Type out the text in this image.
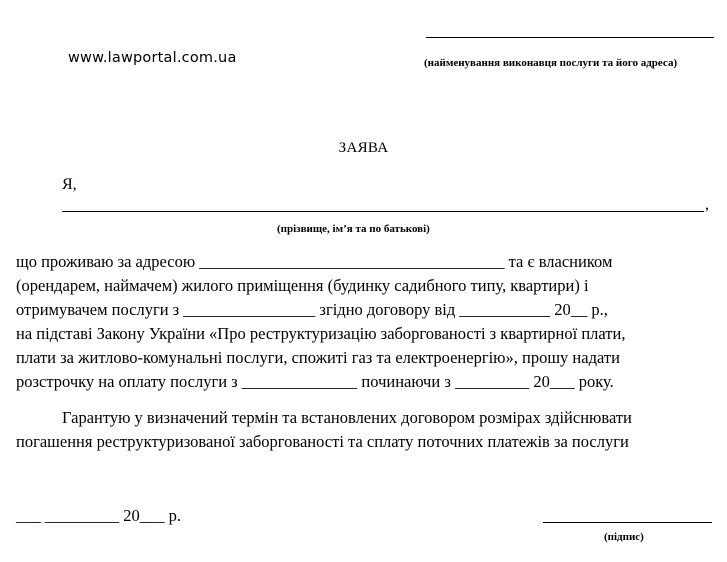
www.lawportal.com.ua	(найменування виконавця послуги та його адреса)
ЗАЯВА
Я,
,
(прізвище, ім’я та по батькові)
що проживаю за адресою _____________________________________ та є власником
(орендарем, наймачем) жилого приміщення (будинку садибного типу, квартири) і
отримувачем послуги з ________________ згідно договору від ___________ 20__ р.,
на підставі Закону України «Про реструктуризацію заборгованості з квартирної плати,
плати за житлово-комунальні послуги, спожиті газ та електроенергію», прошу надати
розстрочку на оплату послуги з ______________ починаючи з _________ 20___ року.
Гарантую у визначений термін та встановлених договором розмірах здійснювати
погашення реструктуризованої заборгованості та сплату поточних платежів за послуги
___ _________ 20___ р.
(підпис)
